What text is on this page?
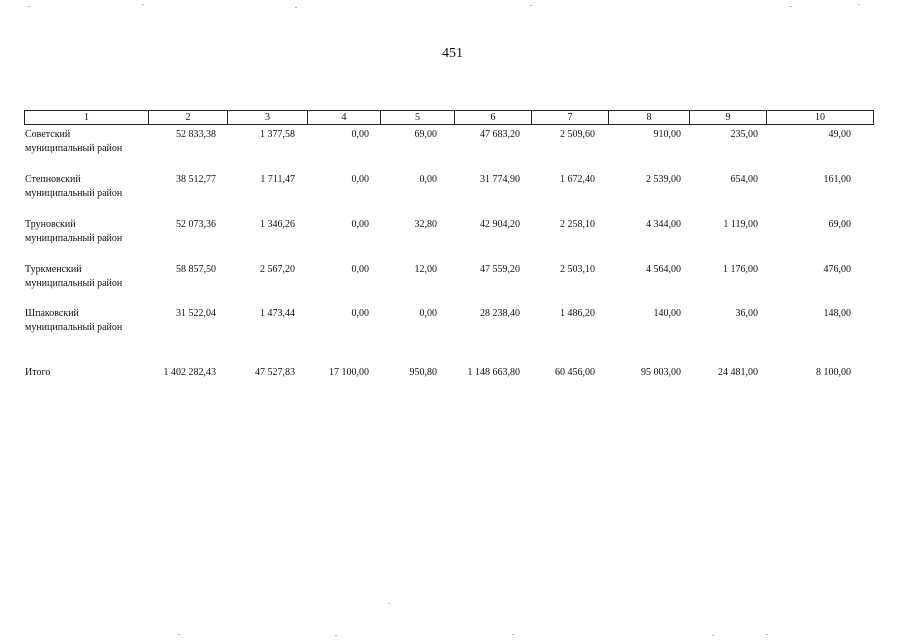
451
1	2	3	4	5	6	7	8	9	10
Советский
муниципальный район
52 833,38	1 377,58	0,00	69,00	47 683,20	2 509,60	910,00	235,00	49,00
Степновский
муниципальный район
38 512,77	1 711,47	0,00	0,00	31 774,90	1 672,40	2 539,00	654,00	161,00
Труновский
муниципальный район
52 073,36	1 346,26	0,00	32,80	42 904,20	2 258,10	4 344,00	1 119,00	69,00
Туркменский
муниципальный район
58 857,50	2 567,20	0,00	12,00	47 559,20	2 503,10	4 564,00	1 176,00	476,00
Шпаковский
муниципальный район
31 522,04	1 473,44	0,00	0,00	28 238,40	1 486,20	140,00	36,00	148,00
Итого	1 402 282,43	47 527,83	17 100,00	950,80	1 148 663,80	60 456,00	95 003,00	24 481,00	8 100,00
